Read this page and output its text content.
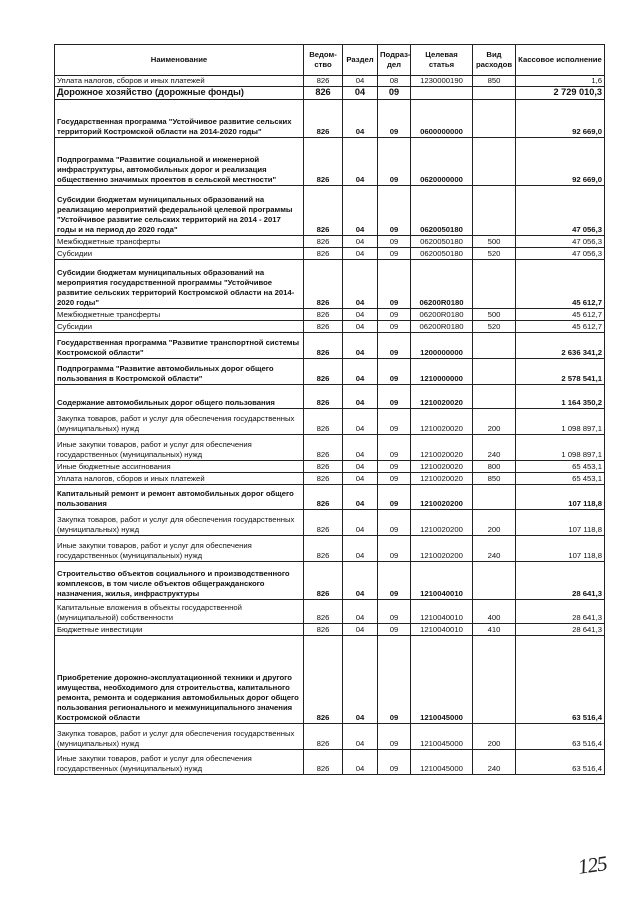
Наименование	Ведом-ство	Раздел	Подраз-дел	Целевая статья	Вид расходов	Кассовое исполнение
Уплата налогов, сборов и иных платежей	826	04	08	1230000190	850	1,6
Дорожное хозяйство (дорожные фонды)	826	04	09			2 729 010,3
Государственная программа "Устойчивое развитие сельских территорий Костромской области на 2014-2020 годы"	826	04	09	0600000000		92 669,0
Подпрограмма "Развитие социальной и инженерной инфраструктуры, автомобильных дорог и реализация общественно значимых проектов в сельской местности"	826	04	09	0620000000		92 669,0
Субсидии бюджетам муниципальных образований на реализацию мероприятий федеральной целевой программы "Устойчивое развитие сельских территорий на 2014 - 2017 годы и на период до 2020 года"	826	04	09	0620050180		47 056,3
Межбюджетные трансферты	826	04	09	0620050180	500	47 056,3
Субсидии	826	04	09	0620050180	520	47 056,3
Субсидии бюджетам муниципальных образований на мероприятия государственной программы "Устойчивое развитие сельских территорий Костромской области на 2014-2020 годы"	826	04	09	06200R0180		45 612,7
Межбюджетные трансферты	826	04	09	06200R0180	500	45 612,7
Субсидии	826	04	09	06200R0180	520	45 612,7
Государственная программа "Развитие транспортной системы Костромской области"	826	04	09	1200000000		2 636 341,2
Подпрограмма "Развитие автомобильных дорог общего пользования в Костромской области"	826	04	09	1210000000		2 578 541,1
Содержание автомобильных дорог общего пользования	826	04	09	1210020020		1 164 350,2
Закупка товаров, работ и услуг для обеспечения государственных (муниципальных) нужд	826	04	09	1210020020	200	1 098 897,1
Иные закупки товаров, работ и услуг для обеспечения государственных (муниципальных) нужд	826	04	09	1210020020	240	1 098 897,1
Иные бюджетные ассигнования	826	04	09	1210020020	800	65 453,1
Уплата налогов, сборов и иных платежей	826	04	09	1210020020	850	65 453,1
Капитальный ремонт и ремонт автомобильных дорог общего пользования	826	04	09	1210020200		107 118,8
Закупка товаров, работ и услуг для обеспечения государственных (муниципальных) нужд	826	04	09	1210020200	200	107 118,8
Иные закупки товаров, работ и услуг для обеспечения государственных (муниципальных) нужд	826	04	09	1210020200	240	107 118,8
Строительство объектов социального и производственного комплексов, в том числе объектов общегражданского назначения, жилья, инфраструктуры	826	04	09	1210040010		28 641,3
Капитальные вложения в объекты государственной (муниципальной) собственности	826	04	09	1210040010	400	28 641,3
Бюджетные инвестиции	826	04	09	1210040010	410	28 641,3
Приобретение дорожно-эксплуатационной техники и другого имущества, необходимого для строительства, капитального ремонта, ремонта и содержания автомобильных дорог общего пользования регионального и межмуниципального значения Костромской области	826	04	09	1210045000		63 516,4
Закупка товаров, работ и услуг для обеспечения государственных (муниципальных) нужд	826	04	09	1210045000	200	63 516,4
Иные закупки товаров, работ и услуг для обеспечения государственных (муниципальных) нужд	826	04	09	1210045000	240	63 516,4
125
